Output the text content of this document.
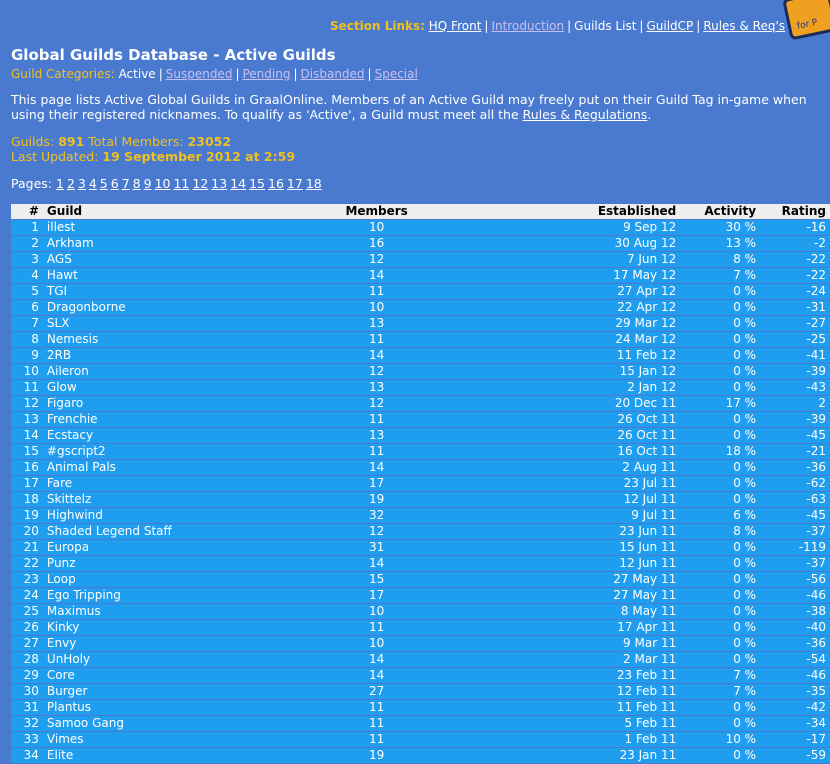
for P
Section Links: HQ Front | Introduction | Guilds List | GuildCP | Rules & Req's
Global Guilds Database - Active Guilds
Guild Categories: Active | Suspended | Pending | Disbanded | Special
This page lists Active Global Guilds in GraalOnline. Members of an Active Guild may freely put on their Guild Tag in-game when using their registered nicknames. To qualify as 'Active', a Guild must meet all the Rules & Regulations.
Guilds: 891 Total Members: 23052
Last Updated: 19 September 2012 at 2:59
Pages: 1 2 3 4 5 6 7 8 9 10 11 12 13 14 15 16 17 18
#	Guild	Members	Established	Activity	Rating
1	illest	10	9 Sep 12	30 %	-16
2	Arkham	16	30 Aug 12	13 %	-2
3	AGS	12	7 Jun 12	8 %	-22
4	Hawt	14	17 May 12	7 %	-22
5	TGI	11	27 Apr 12	0 %	-24
6	Dragonborne	10	22 Apr 12	0 %	-31
7	SLX	13	29 Mar 12	0 %	-27
8	Nemesis	11	24 Mar 12	0 %	-25
9	2RB	14	11 Feb 12	0 %	-41
10	Aileron	12	15 Jan 12	0 %	-39
11	Glow	13	2 Jan 12	0 %	-43
12	Figaro	12	20 Dec 11	17 %	2
13	Frenchie	11	26 Oct 11	0 %	-39
14	Ecstacy	13	26 Oct 11	0 %	-45
15	#gscript2	11	16 Oct 11	18 %	-21
16	Animal Pals	14	2 Aug 11	0 %	-36
17	Fare	17	23 Jul 11	0 %	-62
18	Skittelz	19	12 Jul 11	0 %	-63
19	Highwind	32	9 Jul 11	6 %	-45
20	Shaded Legend Staff	12	23 Jun 11	8 %	-37
21	Europa	31	15 Jun 11	0 %	-119
22	Punz	14	12 Jun 11	0 %	-37
23	Loop	15	27 May 11	0 %	-56
24	Ego Tripping	17	27 May 11	0 %	-46
25	Maximus	10	8 May 11	0 %	-38
26	Kinky	11	17 Apr 11	0 %	-40
27	Envy	10	9 Mar 11	0 %	-36
28	UnHoly	14	2 Mar 11	0 %	-54
29	Core	14	23 Feb 11	7 %	-46
30	Burger	27	12 Feb 11	7 %	-35
31	Plantus	11	11 Feb 11	0 %	-42
32	Samoo Gang	11	5 Feb 11	0 %	-34
33	Vimes	11	1 Feb 11	10 %	-17
34	Elite	19	23 Jan 11	0 %	-59
